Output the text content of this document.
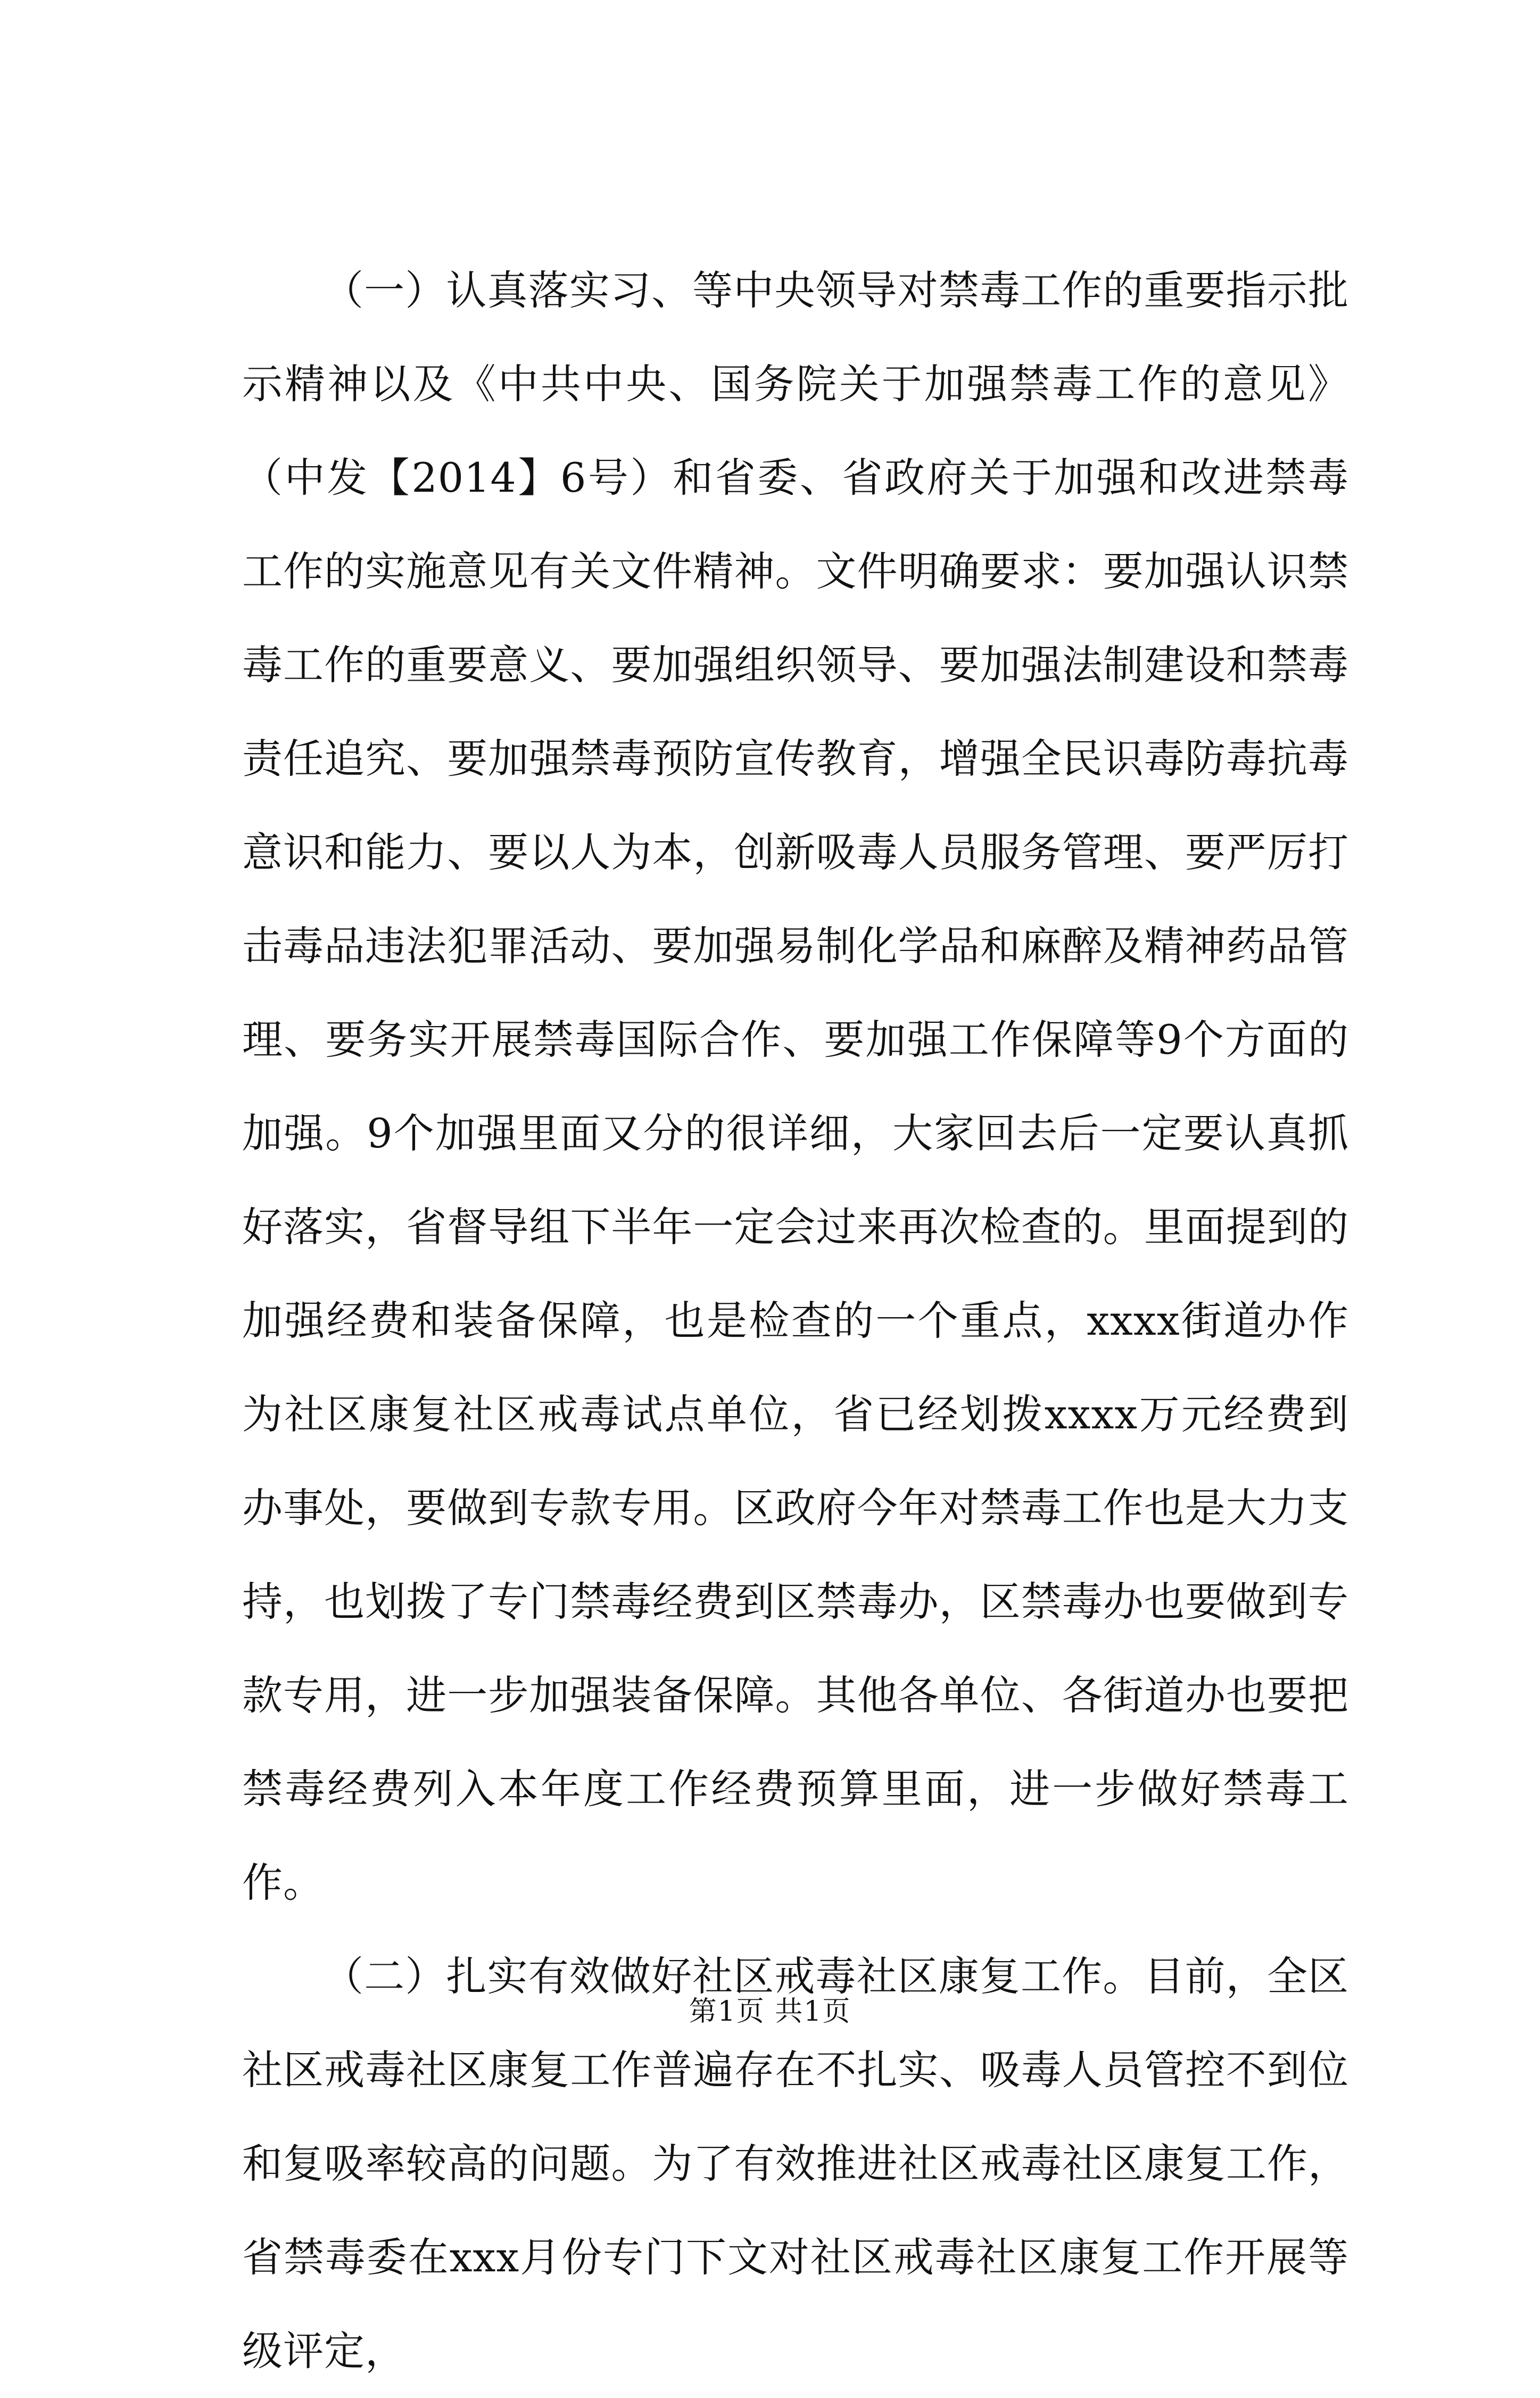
（一）认真落实习、等中央领导对禁毒工作的重要指示批示精神以及《中共中央、国务院关于加强禁毒工作的意见》（中发【2014】6号）和省委、省政府关于加强和改进禁毒工作的实施意见有关文件精神。文件明确要求：要加强认识禁毒工作的重要意义、要加强组织领导、要加强法制建设和禁毒责任追究、要加强禁毒预防宣传教育，增强全民识毒防毒抗毒意识和能力、要以人为本，创新吸毒人员服务管理、要严厉打击毒品违法犯罪活动、要加强易制化学品和麻醉及精神药品管理、要务实开展禁毒国际合作、要加强工作保障等9个方面的加强。9个加强里面又分的很详细，大家回去后一定要认真抓好落实，省督导组下半年一定会过来再次检查的。里面提到的加强经费和装备保障，也是检查的一个重点，xxxx街道办作为社区康复社区戒毒试点单位，省已经划拨xxxx万元经费到办事处，要做到专款专用。区政府今年对禁毒工作也是大力支持，也划拨了专门禁毒经费到区禁毒办，区禁毒办也要做到专款专用，进一步加强装备保障。其他各单位、各街道办也要把禁毒经费列入本年度工作经费预算里面，进一步做好禁毒工作。

（二）扎实有效做好社区戒毒社区康复工作。目前，全区社区戒毒社区康复工作普遍存在不扎实、吸毒人员管控不到位和复吸率较高的问题。为了有效推进社区戒毒社区康复工作，省禁毒委在xxx月份专门下文对社区戒毒社区康复工作开展等级评定，

第1页 共1页
